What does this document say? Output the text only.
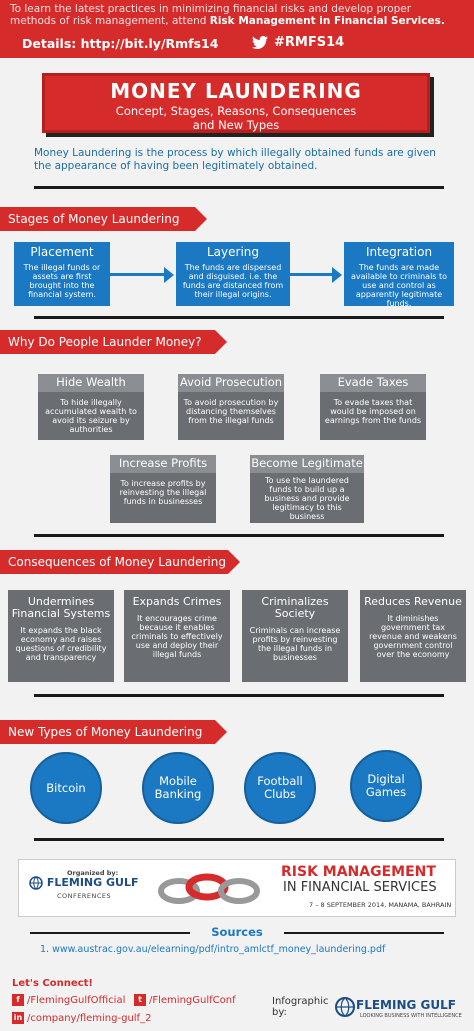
To learn the latest practices in minimizing financial risks and develop proper
methods of risk management, attend Risk Management in Financial Services.
Details: http://bit.ly/Rmfs14	#RMFS14
MONEY LAUNDERING
Concept, Stages, Reasons, Consequences
and New Types
Money Laundering is the process by which illegally obtained funds are given the appearance of having been legitimately obtained.
Stages of Money Laundering
Placement
The illegal funds or assets are first brought into the financial system.
Layering
The funds are dispersed and disguised. i.e. the funds are distanced from their illegal origins.
Integration
The funds are made available to criminals to use and control as apparently legitimate funds.
Why Do People Launder Money?
Hide Wealth
To hide illegally accumulated wealth to avoid its seizure by authorities
Avoid Prosecution
To avoid prosecution by distancing themselves from the illegal funds
Evade Taxes
To evade taxes that would be imposed on earnings from the funds
Increase Profits
To increase profits by reinvesting the illegal funds in businesses
Become Legitimate
To use the laundered funds to build up a business and provide legitimacy to this business
Consequences of Money Laundering
Undermines Financial Systems
It expands the black economy and raises questions of credibility and transparency
Expands Crimes
It encourages crime because it enables criminals to effectively use and deploy their illegal funds
Criminalizes Society
Criminals can increase profits by reinvesting the illegal funds in businesses
Reduces Revenue
It diminishes government tax revenue and weakens government control over the economy
New Types of Money Laundering
Bitcoin	Mobile Banking
Football Clubs
Digital Games
Organized by:
FLEMING GULF
CONFERENCES
RISK MANAGEMENT
IN FINANCIAL SERVICES
7 – 8 SEPTEMBER 2014, MANAMA, BAHRAIN
Sources
1. www.austrac.gov.au/elearning/pdf/intro_amlctf_money_laundering.pdf
Let's Connect!
f /FlemingGulfOfficial	t /FlemingGulfConf
in /company/fleming-gulf_2
Infographic by:
FLEMING GULF
LOOKING BUSINESS WITH INTELLIGENCE
